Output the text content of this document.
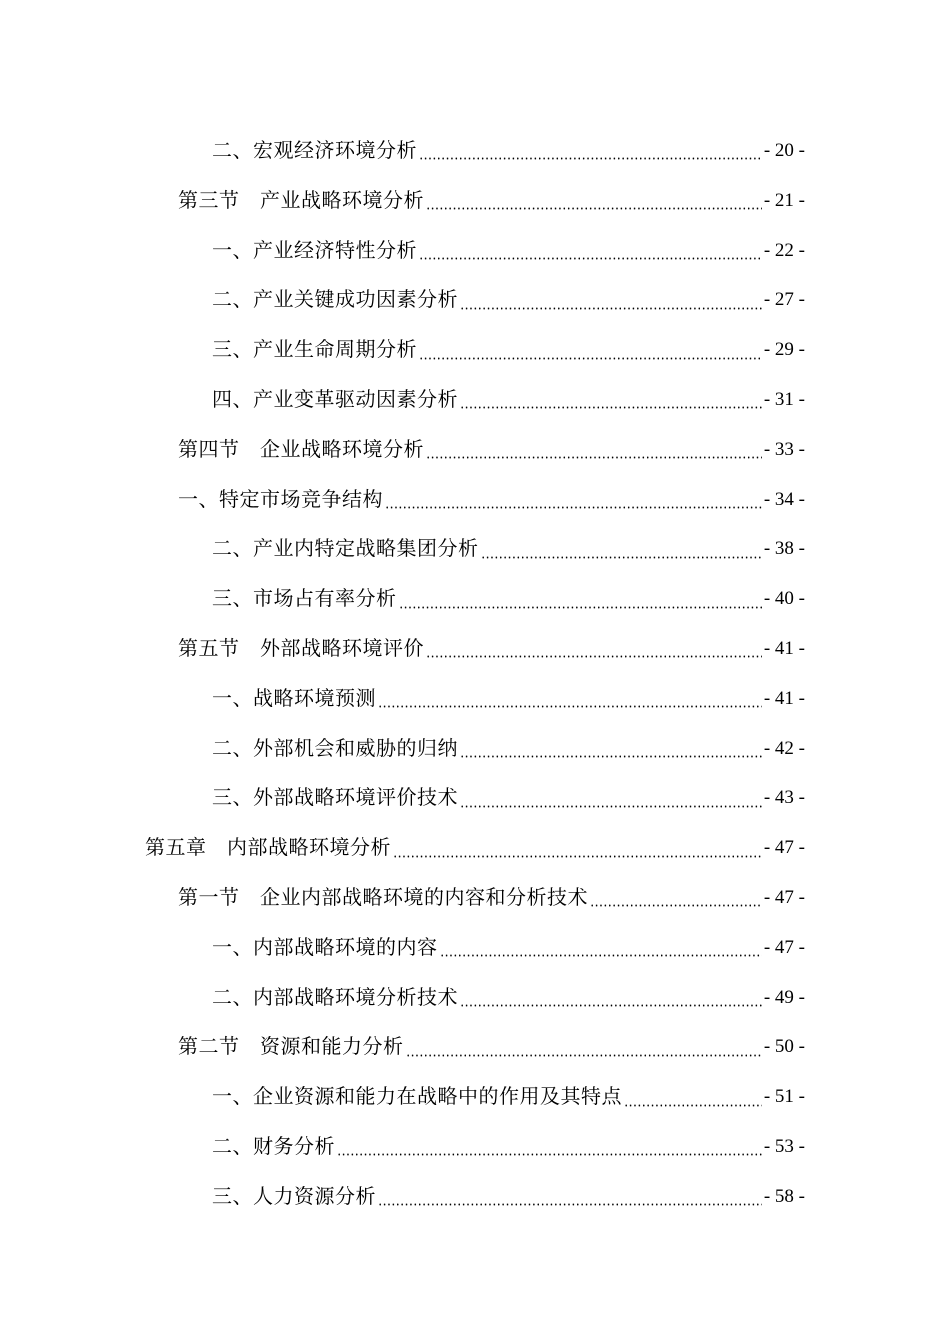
二、宏观经济环境分析	- 20 -
第三节　产业战略环境分析	- 21 -
一、产业经济特性分析	- 22 -
二、产业关键成功因素分析	- 27 -
三、产业生命周期分析	- 29 -
四、产业变革驱动因素分析	- 31 -
第四节　企业战略环境分析	- 33 -
一、特定市场竞争结构	- 34 -
二、产业内特定战略集团分析	- 38 -
三、市场占有率分析	- 40 -
第五节　外部战略环境评价	- 41 -
一、战略环境预测	- 41 -
二、外部机会和威胁的归纳	- 42 -
三、外部战略环境评价技术	- 43 -
第五章　内部战略环境分析	- 47 -
第一节　企业内部战略环境的内容和分析技术	- 47 -
一、内部战略环境的内容	- 47 -
二、内部战略环境分析技术	- 49 -
第二节　资源和能力分析	- 50 -
一、企业资源和能力在战略中的作用及其特点	- 51 -
二、财务分析	- 53 -
三、人力资源分析	- 58 -
